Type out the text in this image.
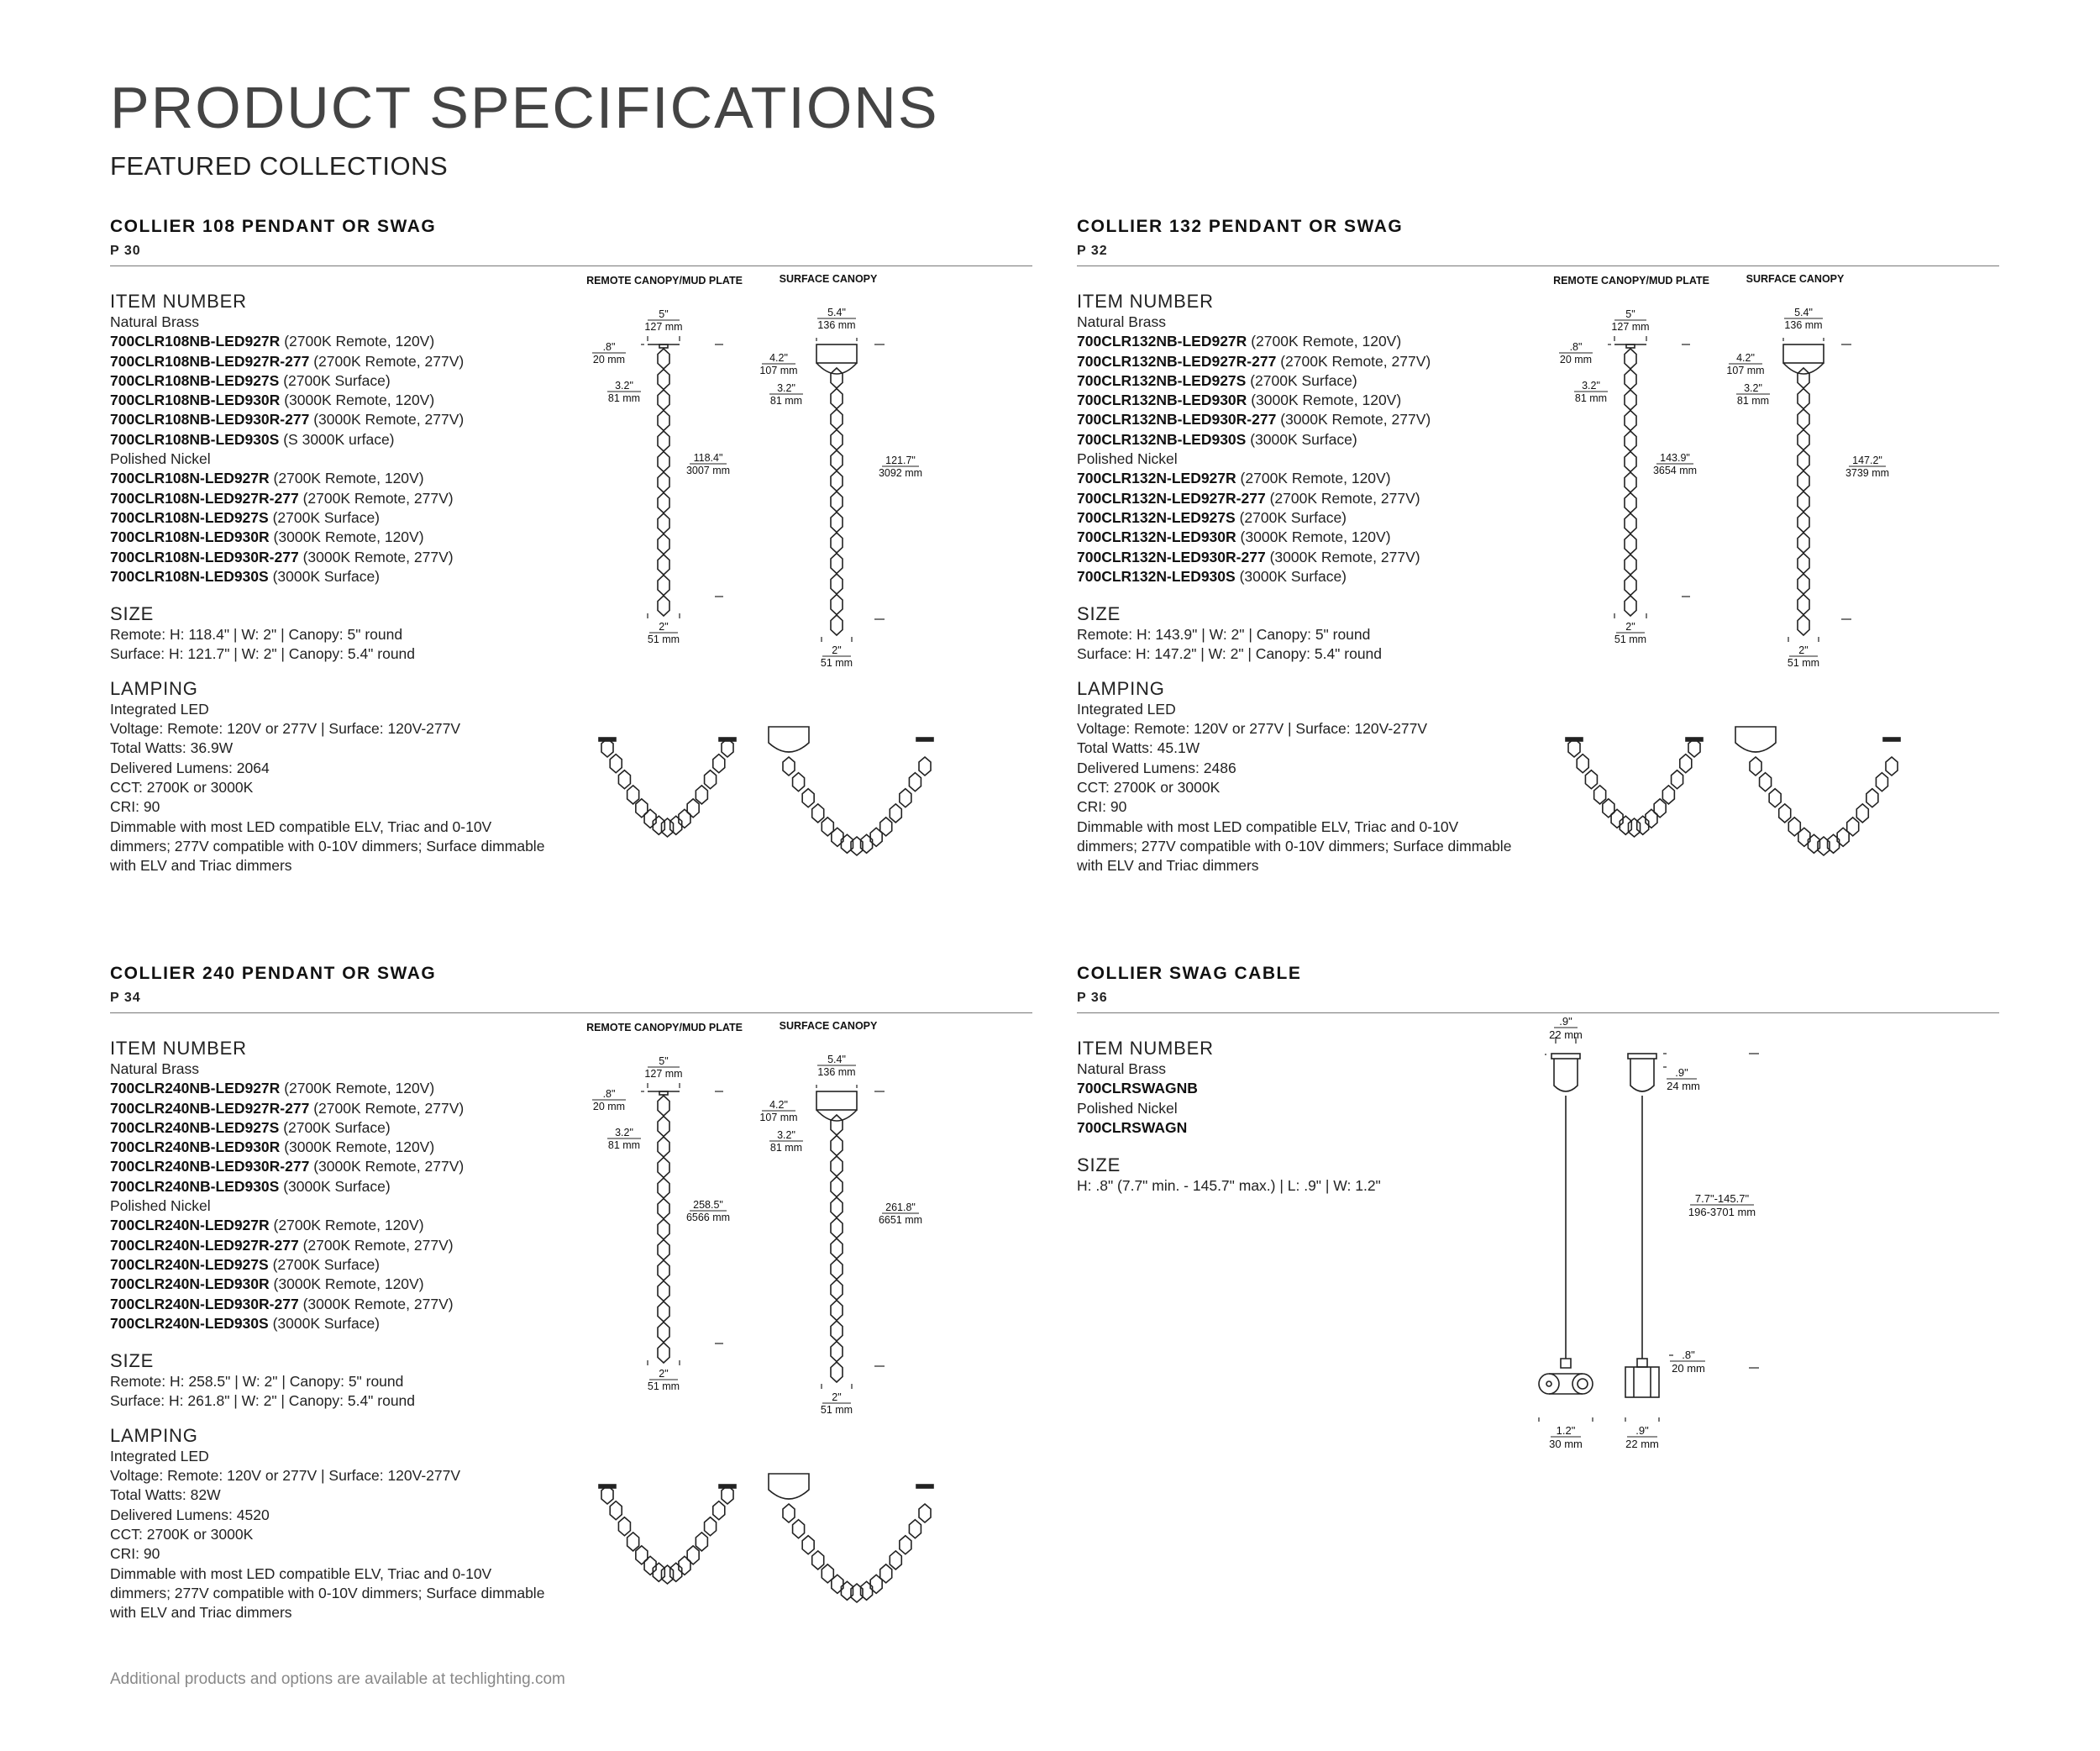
PRODUCT SPECIFICATIONS
FEATURED COLLECTIONS
COLLIER 108 PENDANT OR SWAG
P 30
ITEM NUMBER
Natural Brass
700CLR108NB-LED927R (2700K Remote, 120V)
700CLR108NB-LED927R-277 (2700K Remote, 277V)
700CLR108NB-LED927S (2700K Surface)
700CLR108NB-LED930R (3000K Remote, 120V)
700CLR108NB-LED930R-277 (3000K Remote, 277V)
700CLR108NB-LED930S (S 3000K urface)
Polished Nickel
700CLR108N-LED927R (2700K Remote, 120V)
700CLR108N-LED927R-277 (2700K Remote, 277V)
700CLR108N-LED927S (2700K Surface)
700CLR108N-LED930R (3000K Remote, 120V)
700CLR108N-LED930R-277 (3000K Remote, 277V)
700CLR108N-LED930S (3000K Surface)
SIZE
Remote: H: 118.4" | W: 2" | Canopy: 5" round
Surface: H: 121.7" | W: 2" | Canopy: 5.4" round
LAMPING
Integrated LED
Voltage: Remote: 120V or 277V | Surface: 120V-277V
Total Watts: 36.9W
Delivered Lumens: 2064
CCT: 2700K or 3000K
CRI: 90
Dimmable with most LED compatible ELV, Triac and 0-10V dimmers; 277V compatible with 0-10V dimmers; Surface dimmable with ELV and Triac dimmers
REMOTE CANOPY/MUD PLATE	SURFACE CANOPY
5"
127 mm
.8"
20 mm
3.2"
81 mm
118.4"
3007 mm
2"
51 mm
5.4"
136 mm
4.2"
107 mm
3.2"
81 mm
121.7"
3092 mm
2"
51 mm
COLLIER 132 PENDANT OR SWAG
P 32
ITEM NUMBER
Natural Brass
700CLR132NB-LED927R (2700K Remote, 120V)
700CLR132NB-LED927R-277 (2700K Remote, 277V)
700CLR132NB-LED927S (2700K Surface)
700CLR132NB-LED930R (3000K Remote, 120V)
700CLR132NB-LED930R-277 (3000K Remote, 277V)
700CLR132NB-LED930S (3000K Surface)
Polished Nickel
700CLR132N-LED927R (2700K Remote, 120V)
700CLR132N-LED927R-277 (2700K Remote, 277V)
700CLR132N-LED927S (2700K Surface)
700CLR132N-LED930R (3000K Remote, 120V)
700CLR132N-LED930R-277 (3000K Remote, 277V)
700CLR132N-LED930S (3000K Surface)
SIZE
Remote: H: 143.9" | W: 2" | Canopy: 5" round
Surface: H: 147.2" | W: 2" | Canopy: 5.4" round
LAMPING
Integrated LED
Voltage: Remote: 120V or 277V | Surface: 120V-277V
Total Watts: 45.1W
Delivered Lumens: 2486
CCT: 2700K or 3000K
CRI: 90
Dimmable with most LED compatible ELV, Triac and 0-10V dimmers; 277V compatible with 0-10V dimmers; Surface dimmable with ELV and Triac dimmers
REMOTE CANOPY/MUD PLATE	SURFACE CANOPY
5"
127 mm
.8"
20 mm
3.2"
81 mm
143.9"
3654 mm
2"
51 mm
5.4"
136 mm
4.2"
107 mm
3.2"
81 mm
147.2"
3739 mm
2"
51 mm
COLLIER 240 PENDANT OR SWAG
P 34
ITEM NUMBER
Natural Brass
700CLR240NB-LED927R (2700K Remote, 120V)
700CLR240NB-LED927R-277 (2700K Remote, 277V)
700CLR240NB-LED927S (2700K Surface)
700CLR240NB-LED930R (3000K Remote, 120V)
700CLR240NB-LED930R-277 (3000K Remote, 277V)
700CLR240NB-LED930S (3000K Surface)
Polished Nickel
700CLR240N-LED927R (2700K Remote, 120V)
700CLR240N-LED927R-277 (2700K Remote, 277V)
700CLR240N-LED927S (2700K Surface)
700CLR240N-LED930R (3000K Remote, 120V)
700CLR240N-LED930R-277 (3000K Remote, 277V)
700CLR240N-LED930S (3000K Surface)
SIZE
Remote: H: 258.5" | W: 2" | Canopy: 5" round
Surface: H: 261.8" | W: 2" | Canopy: 5.4" round
LAMPING
Integrated LED
Voltage: Remote: 120V or 277V | Surface: 120V-277V
Total Watts: 82W
Delivered Lumens: 4520
CCT: 2700K or 3000K
CRI: 90
Dimmable with most LED compatible ELV, Triac and 0-10V dimmers; 277V compatible with 0-10V dimmers; Surface dimmable with ELV and Triac dimmers
REMOTE CANOPY/MUD PLATE	SURFACE CANOPY
5"
127 mm
.8"
20 mm
3.2"
81 mm
258.5"
6566 mm
2"
51 mm
5.4"
136 mm
4.2"
107 mm
3.2"
81 mm
261.8"
6651 mm
2"
51 mm
COLLIER SWAG CABLE
P 36
ITEM NUMBER
Natural Brass
700CLRSWAGNB
Polished Nickel
700CLRSWAGN
SIZE
H: .8" (7.7" min. - 145.7" max.) | L: .9" | W: 1.2"
.9"
22 mm
.9"
24 mm
7.7"-145.7"
196-3701 mm
.8"
20 mm
1.2"
30 mm
.9"
22 mm
Additional products and options are available at techlighting.com
